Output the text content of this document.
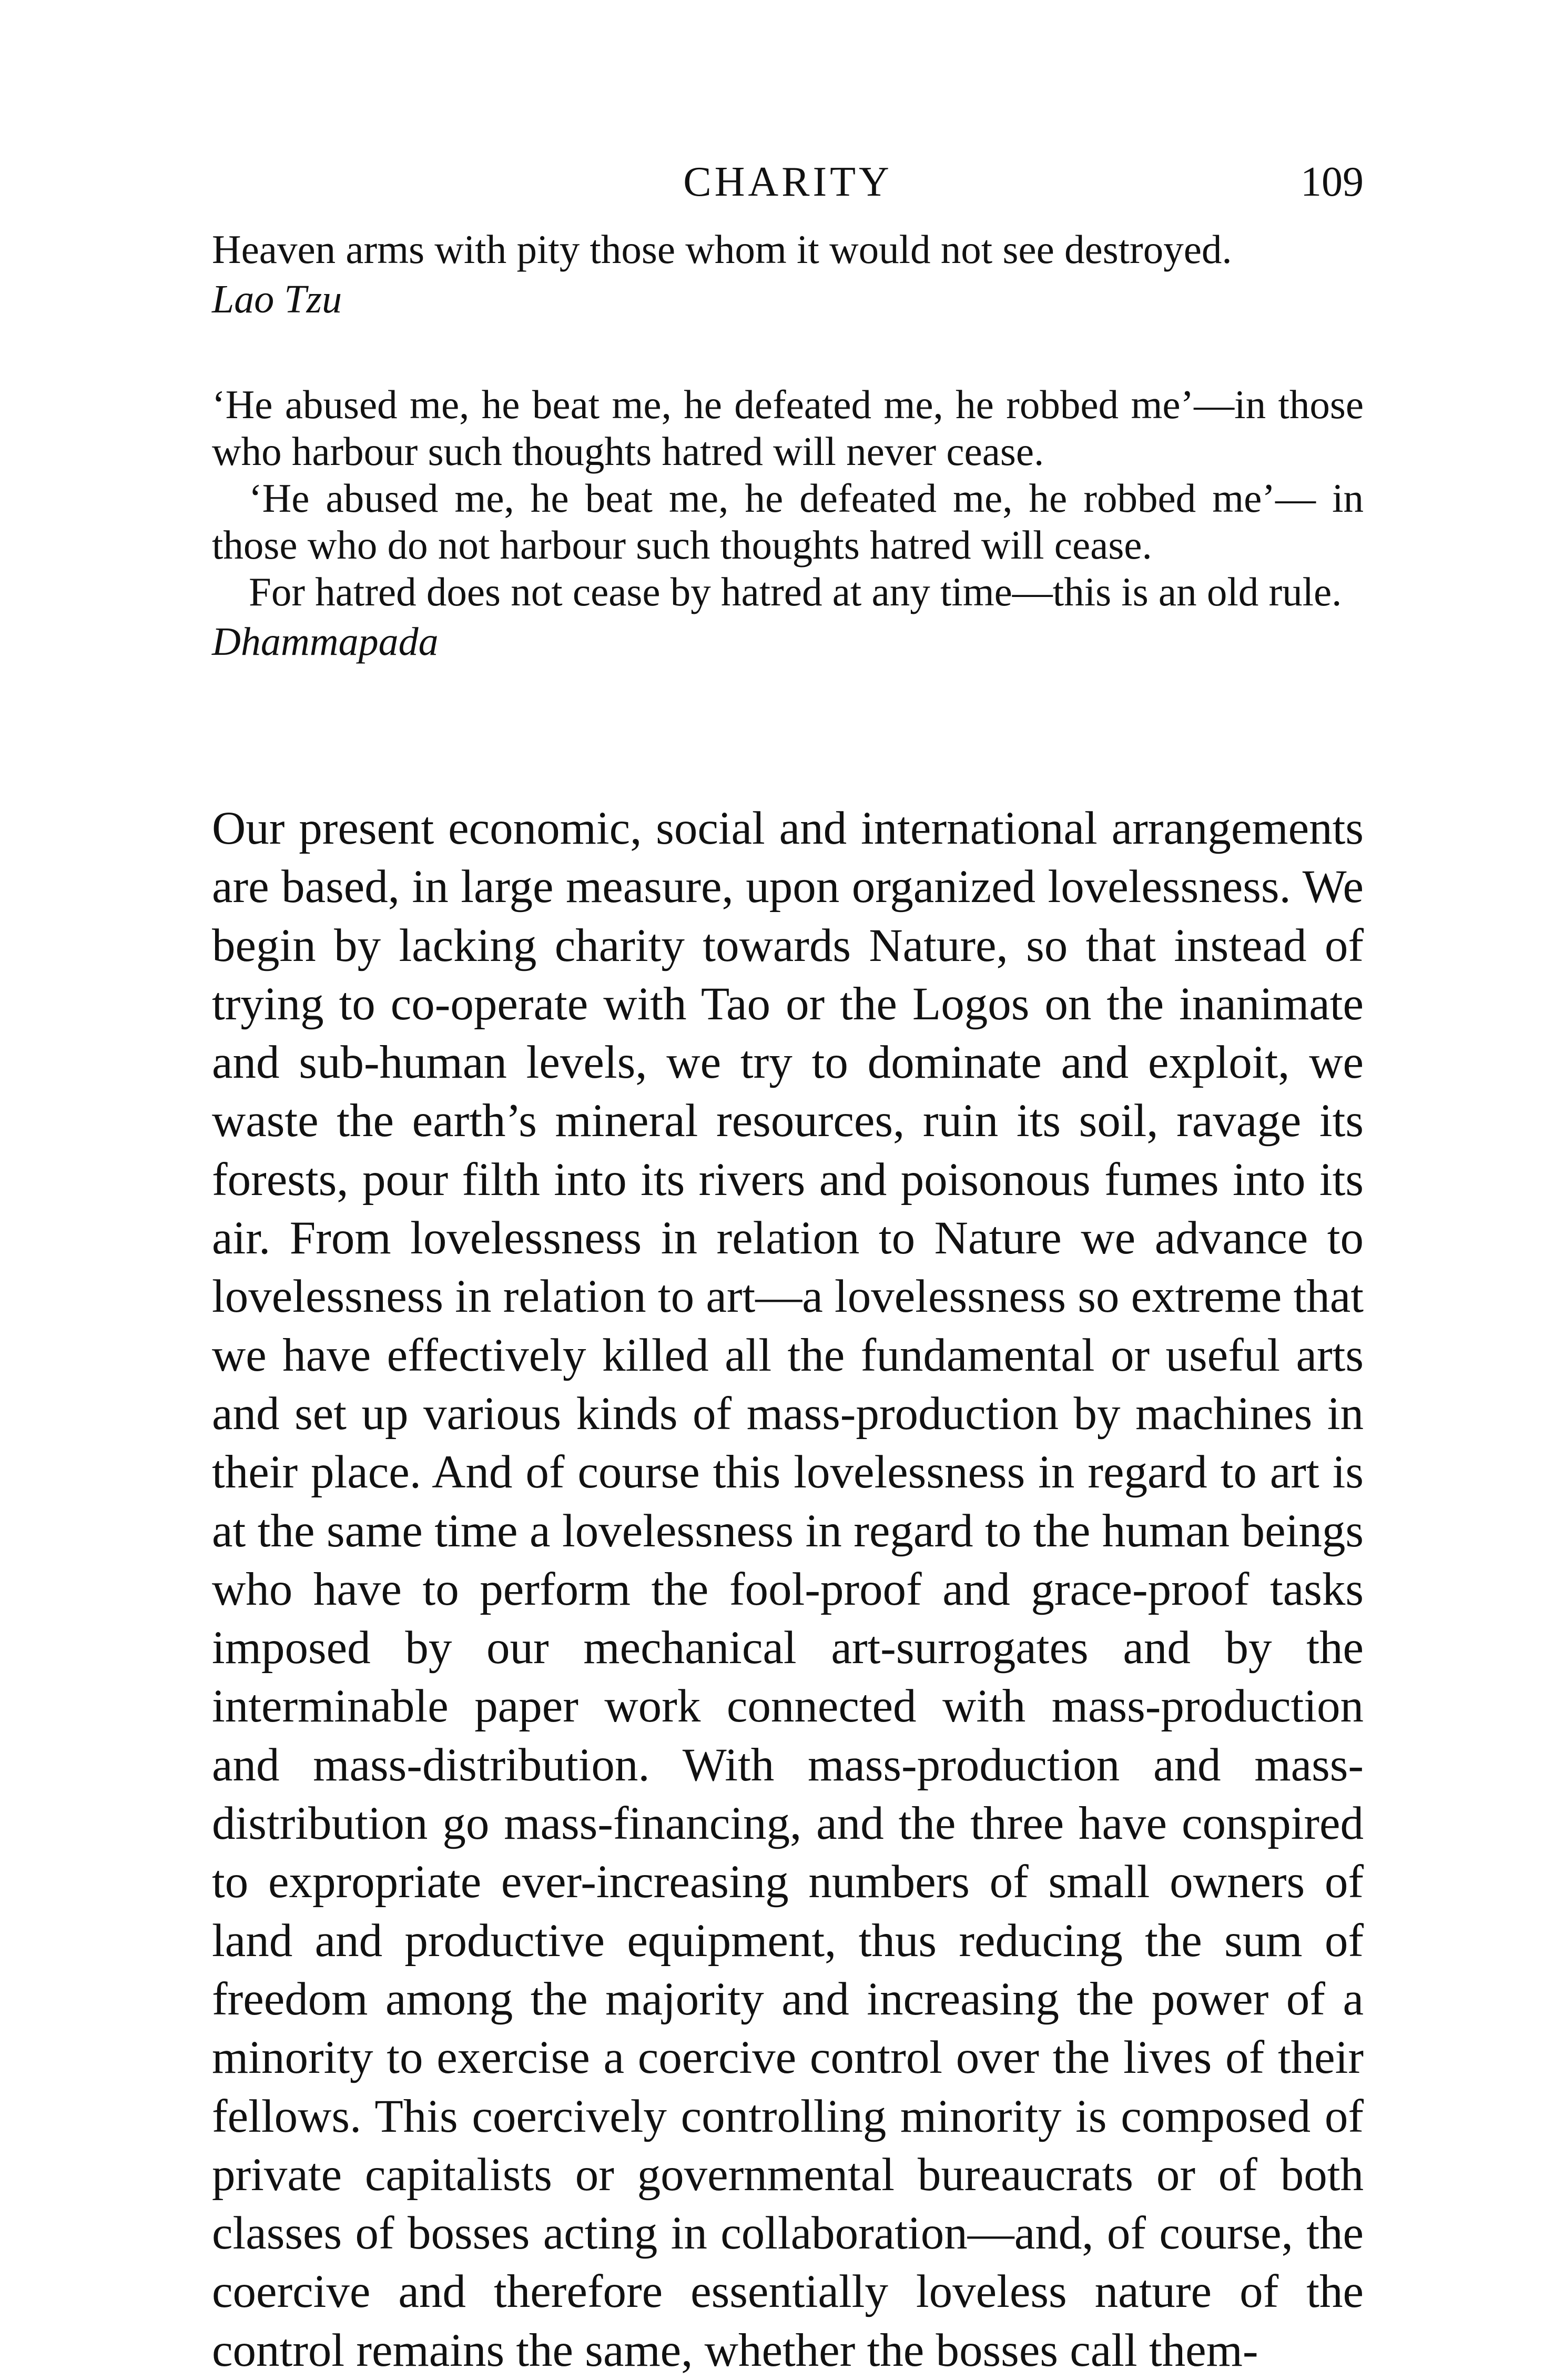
CHARITY	109

Heaven arms with pity those whom it would not see destroyed.

Lao Tzu

‘He abused me, he beat me, he defeated me, he robbed me’—in those who harbour such thoughts hatred will never cease.

‘He abused me, he beat me, he defeated me, he robbed me’— in those who do not harbour such thoughts hatred will cease.

For hatred does not cease by hatred at any time—this is an old rule.

Dhammapada

Our present economic, social and international arrangements are based, in large measure, upon organized lovelessness. We begin by lacking charity towards Nature, so that instead of trying to co-operate with Tao or the Logos on the inanimate and sub-human levels, we try to dominate and exploit, we waste the earth’s mineral resources, ruin its soil, ravage its forests, pour filth into its rivers and poisonous fumes into its air. From lovelessness in relation to Nature we advance to lovelessness in relation to art—a lovelessness so extreme that we have effectively killed all the fundamental or useful arts and set up various kinds of mass-production by machines in their place. And of course this lovelessness in regard to art is at the same time a lovelessness in regard to the human beings who have to perform the fool-proof and grace-proof tasks imposed by our mechanical art-surrogates and by the interminable paper work connected with mass-production and mass-distribution. With mass-production and mass-distribution go mass-financing, and the three have conspired to expropriate ever-increasing numbers of small owners of land and productive equipment, thus reducing the sum of freedom among the majority and increasing the power of a minority to exercise a coercive control over the lives of their fellows. This coercively controlling minority is composed of private capitalists or governmental bureaucrats or of both classes of bosses acting in collaboration—and, of course, the coercive and therefore essentially loveless nature of the control remains the same, whether the bosses call them-
